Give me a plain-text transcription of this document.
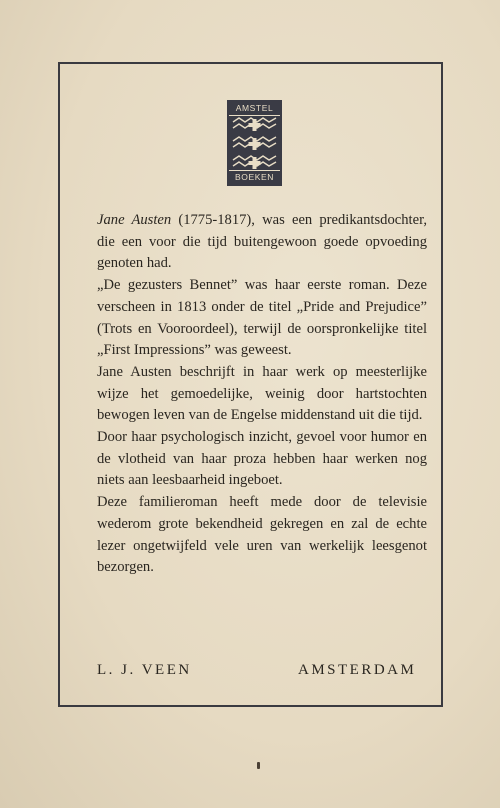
AMSTEL
BOEKEN

Jane Austen (1775-1817), was een predikantsdochter, die een voor die tijd buitengewoon goede opvoeding genoten had.

„De gezusters Bennet” was haar eerste roman. Deze verscheen in 1813 onder de titel „Pride and Prejudice” (Trots en Vooroordeel), terwijl de oorspronkelijke titel „First Impressions” was geweest.

Jane Austen beschrijft in haar werk op meesterlijke wijze het gemoedelijke, weinig door hartstochten bewogen leven van de Engelse middenstand uit die tijd.

Door haar psychologisch inzicht, gevoel voor humor en de vlotheid van haar proza hebben haar werken nog niets aan leesbaarheid ingeboet.

Deze familieroman heeft mede door de televisie wederom grote bekendheid gekregen en zal de echte lezer ongetwijfeld vele uren van werkelijk leesgenot bezorgen.

L. J. VEEN	AMSTERDAM
